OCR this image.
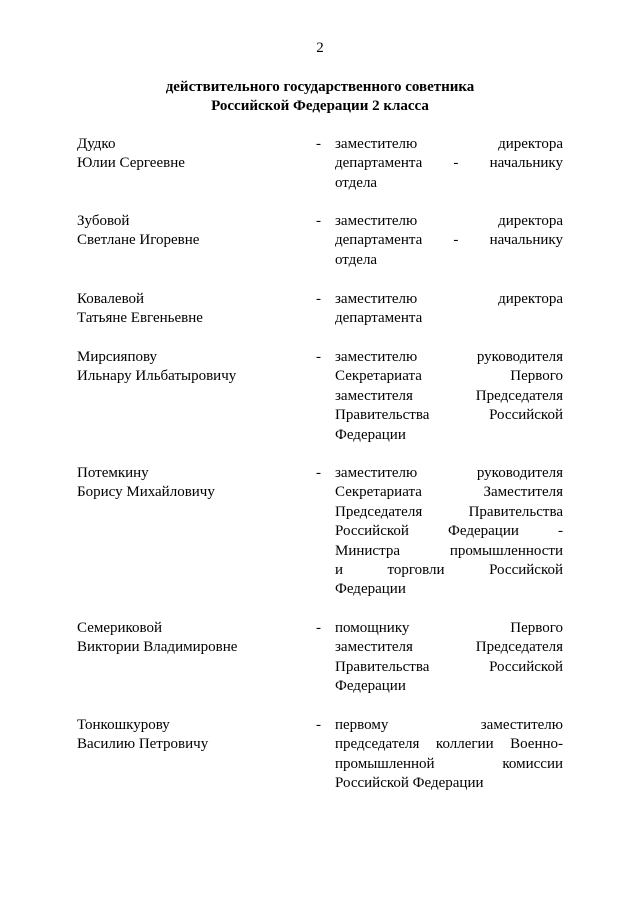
2
действительного государственного советника
Российской Федерации 2 класса
Дудко
Юлии Сергеевне
- заместителю директора
департамента - начальнику
отдела
Зубовой
Светлане Игоревне
- заместителю директора
департамента - начальнику
отдела
Ковалевой
Татьяне Евгеньевне
- заместителю директора
департамента
Мирсияпову
Ильнару Ильбатыровичу
- заместителю руководителя
Секретариата Первого
заместителя Председателя
Правительства Российской
Федерации
Потемкину
Борису Михайловичу
- заместителю руководителя
Секретариата Заместителя
Председателя Правительства
Российской Федерации -
Министра промышленности
и торговли Российской
Федерации
Семериковой
Виктории Владимировне
- помощнику Первого
заместителя Председателя
Правительства Российской
Федерации
Тонкошкурову
Василию Петровичу
- первому заместителю
председателя коллегии Военно-
промышленной комиссии
Российской Федерации
